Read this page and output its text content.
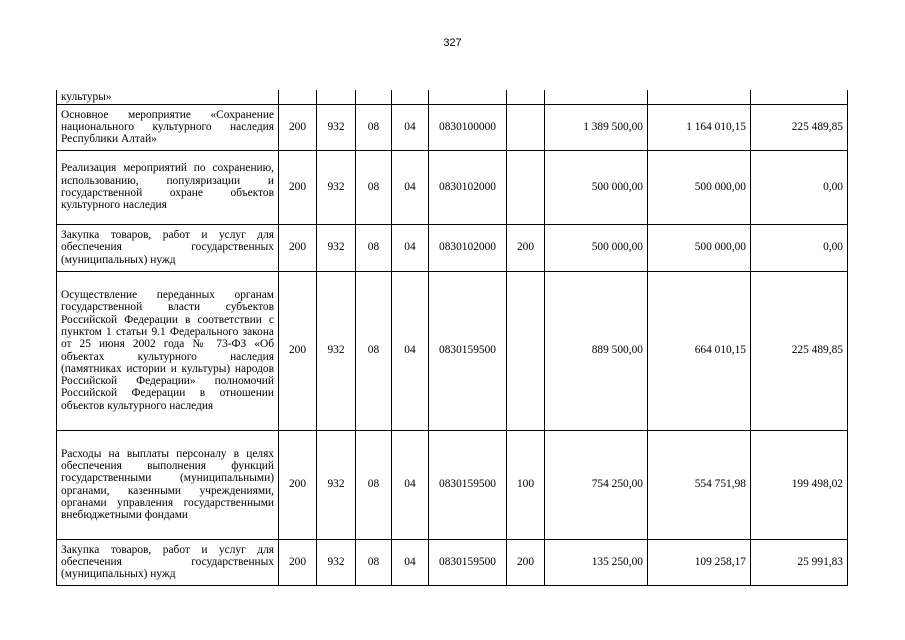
327
культуры»									
Основное мероприятие «Сохранение национального культурного наследия Республики Алтай»	200	932	08	04	0830100000		1 389 500,00	1 164 010,15	225 489,85
Реализация мероприятий по сохранению, использованию, популяризации и государственной охране объектов культурного наследия	200	932	08	04	0830102000		500 000,00	500 000,00	0,00
Закупка товаров, работ и услуг для обеспечения государственных (муниципальных) нужд	200	932	08	04	0830102000	200	500 000,00	500 000,00	0,00
Осуществление переданных органам государственной власти субъектов Российской Федерации в соответствии с пунктом 1 статьи 9.1 Федерального закона от 25 июня 2002 года № 73-ФЗ «Об объектах культурного наследия (памятниках истории и культуры) народов Российской Федерации» полномочий Российской Федерации в отношении объектов культурного наследия	200	932	08	04	0830159500		889 500,00	664 010,15	225 489,85
Расходы на выплаты персоналу в целях обеспечения выполнения функций государственными (муниципальными) органами, казенными учреждениями, органами управления государственными внебюджетными фондами	200	932	08	04	0830159500	100	754 250,00	554 751,98	199 498,02
Закупка товаров, работ и услуг для обеспечения государственных (муниципальных) нужд	200	932	08	04	0830159500	200	135 250,00	109 258,17	25 991,83
